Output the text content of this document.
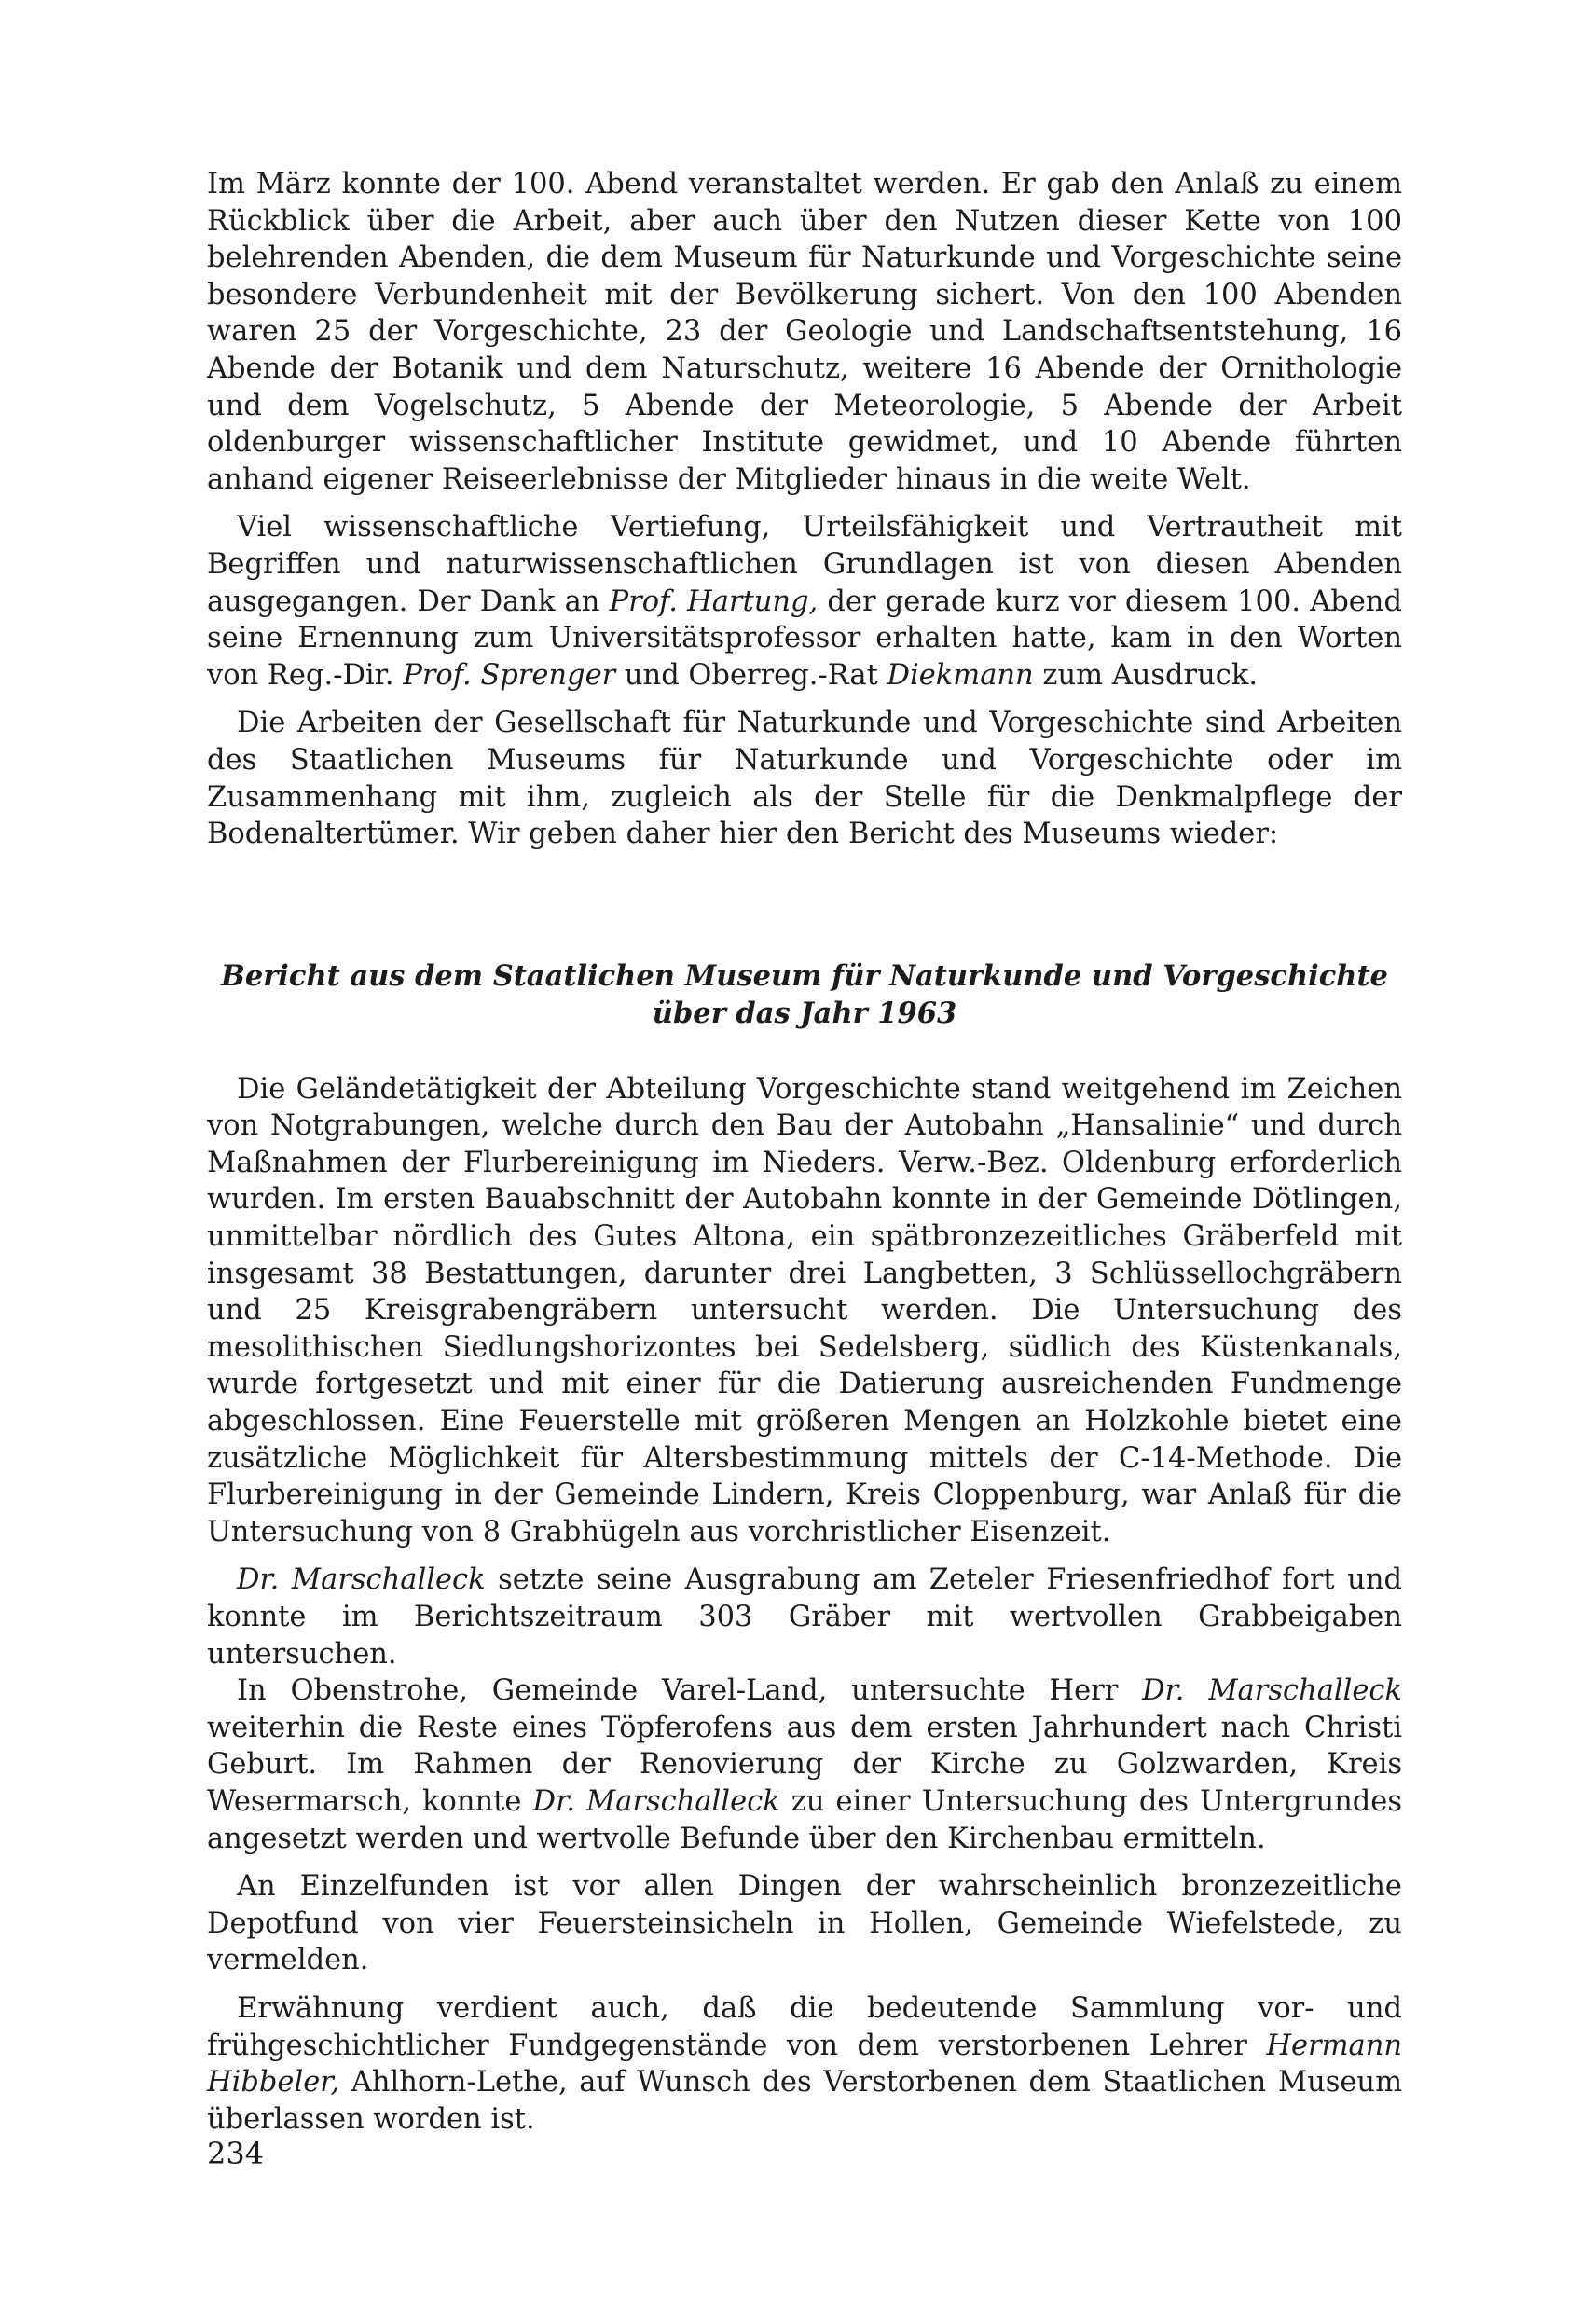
Im März konnte der 100. Abend veranstaltet werden. Er gab den Anlaß zu einem Rückblick über die Arbeit, aber auch über den Nutzen dieser Kette von 100 belehrenden Abenden, die dem Museum für Naturkunde und Vorgeschichte seine besondere Verbundenheit mit der Bevölkerung sichert. Von den 100 Abenden waren 25 der Vorgeschichte, 23 der Geologie und Landschaftsentstehung, 16 Abende der Botanik und dem Naturschutz, weitere 16 Abende der Ornithologie und dem Vogelschutz, 5 Abende der Meteorologie, 5 Abende der Arbeit oldenburger wissenschaftlicher Institute gewidmet, und 10 Abende führten anhand eigener Reiseerlebnisse der Mitglieder hinaus in die weite Welt.

Viel wissenschaftliche Vertiefung, Urteilsfähigkeit und Vertrautheit mit Begriffen und naturwissenschaftlichen Grundlagen ist von diesen Abenden ausgegangen. Der Dank an Prof. Hartung, der gerade kurz vor diesem 100. Abend seine Ernennung zum Universitätsprofessor erhalten hatte, kam in den Worten von Reg.-Dir. Prof. Sprenger und Oberreg.-Rat Diekmann zum Ausdruck.

Die Arbeiten der Gesellschaft für Naturkunde und Vorgeschichte sind Arbeiten des Staatlichen Museums für Naturkunde und Vorgeschichte oder im Zusammenhang mit ihm, zugleich als der Stelle für die Denkmalpflege der Bodenaltertümer. Wir geben daher hier den Bericht des Museums wieder:

Bericht aus dem Staatlichen Museum für Naturkunde und Vorgeschichte
über das Jahr 1963

Die Geländetätigkeit der Abteilung Vorgeschichte stand weitgehend im Zeichen von Notgrabungen, welche durch den Bau der Autobahn „Hansalinie“ und durch Maßnahmen der Flurbereinigung im Nieders. Verw.-Bez. Oldenburg erforderlich wurden. Im ersten Bauabschnitt der Autobahn konnte in der Gemeinde Dötlingen, unmittelbar nördlich des Gutes Altona, ein spätbronzezeitliches Gräberfeld mit insgesamt 38 Bestattungen, darunter drei Langbetten, 3 Schlüssellochgräbern und 25 Kreisgrabengräbern untersucht werden. Die Untersuchung des mesolithischen Siedlungshorizontes bei Sedelsberg, südlich des Küstenkanals, wurde fortgesetzt und mit einer für die Datierung ausreichenden Fundmenge abgeschlossen. Eine Feuerstelle mit größeren Mengen an Holzkohle bietet eine zusätzliche Möglichkeit für Altersbestimmung mittels der C-14-Methode. Die Flurbereinigung in der Gemeinde Lindern, Kreis Cloppenburg, war Anlaß für die Untersuchung von 8 Grabhügeln aus vorchristlicher Eisenzeit.

Dr. Marschalleck setzte seine Ausgrabung am Zeteler Friesenfriedhof fort und konnte im Berichtszeitraum 303 Gräber mit wertvollen Grabbeigaben untersuchen.

In Obenstrohe, Gemeinde Varel-Land, untersuchte Herr Dr. Marschalleck weiterhin die Reste eines Töpferofens aus dem ersten Jahrhundert nach Christi Geburt. Im Rahmen der Renovierung der Kirche zu Golzwarden, Kreis Wesermarsch, konnte Dr. Marschalleck zu einer Untersuchung des Untergrundes angesetzt werden und wertvolle Befunde über den Kirchenbau ermitteln.

An Einzelfunden ist vor allen Dingen der wahrscheinlich bronzezeitliche Depotfund von vier Feuersteinsicheln in Hollen, Gemeinde Wiefelstede, zu vermelden.

Erwähnung verdient auch, daß die bedeutende Sammlung vor- und frühgeschichtlicher Fundgegenstände von dem verstorbenen Lehrer Hermann Hibbeler, Ahlhorn-Lethe, auf Wunsch des Verstorbenen dem Staatlichen Museum überlassen worden ist.

234
